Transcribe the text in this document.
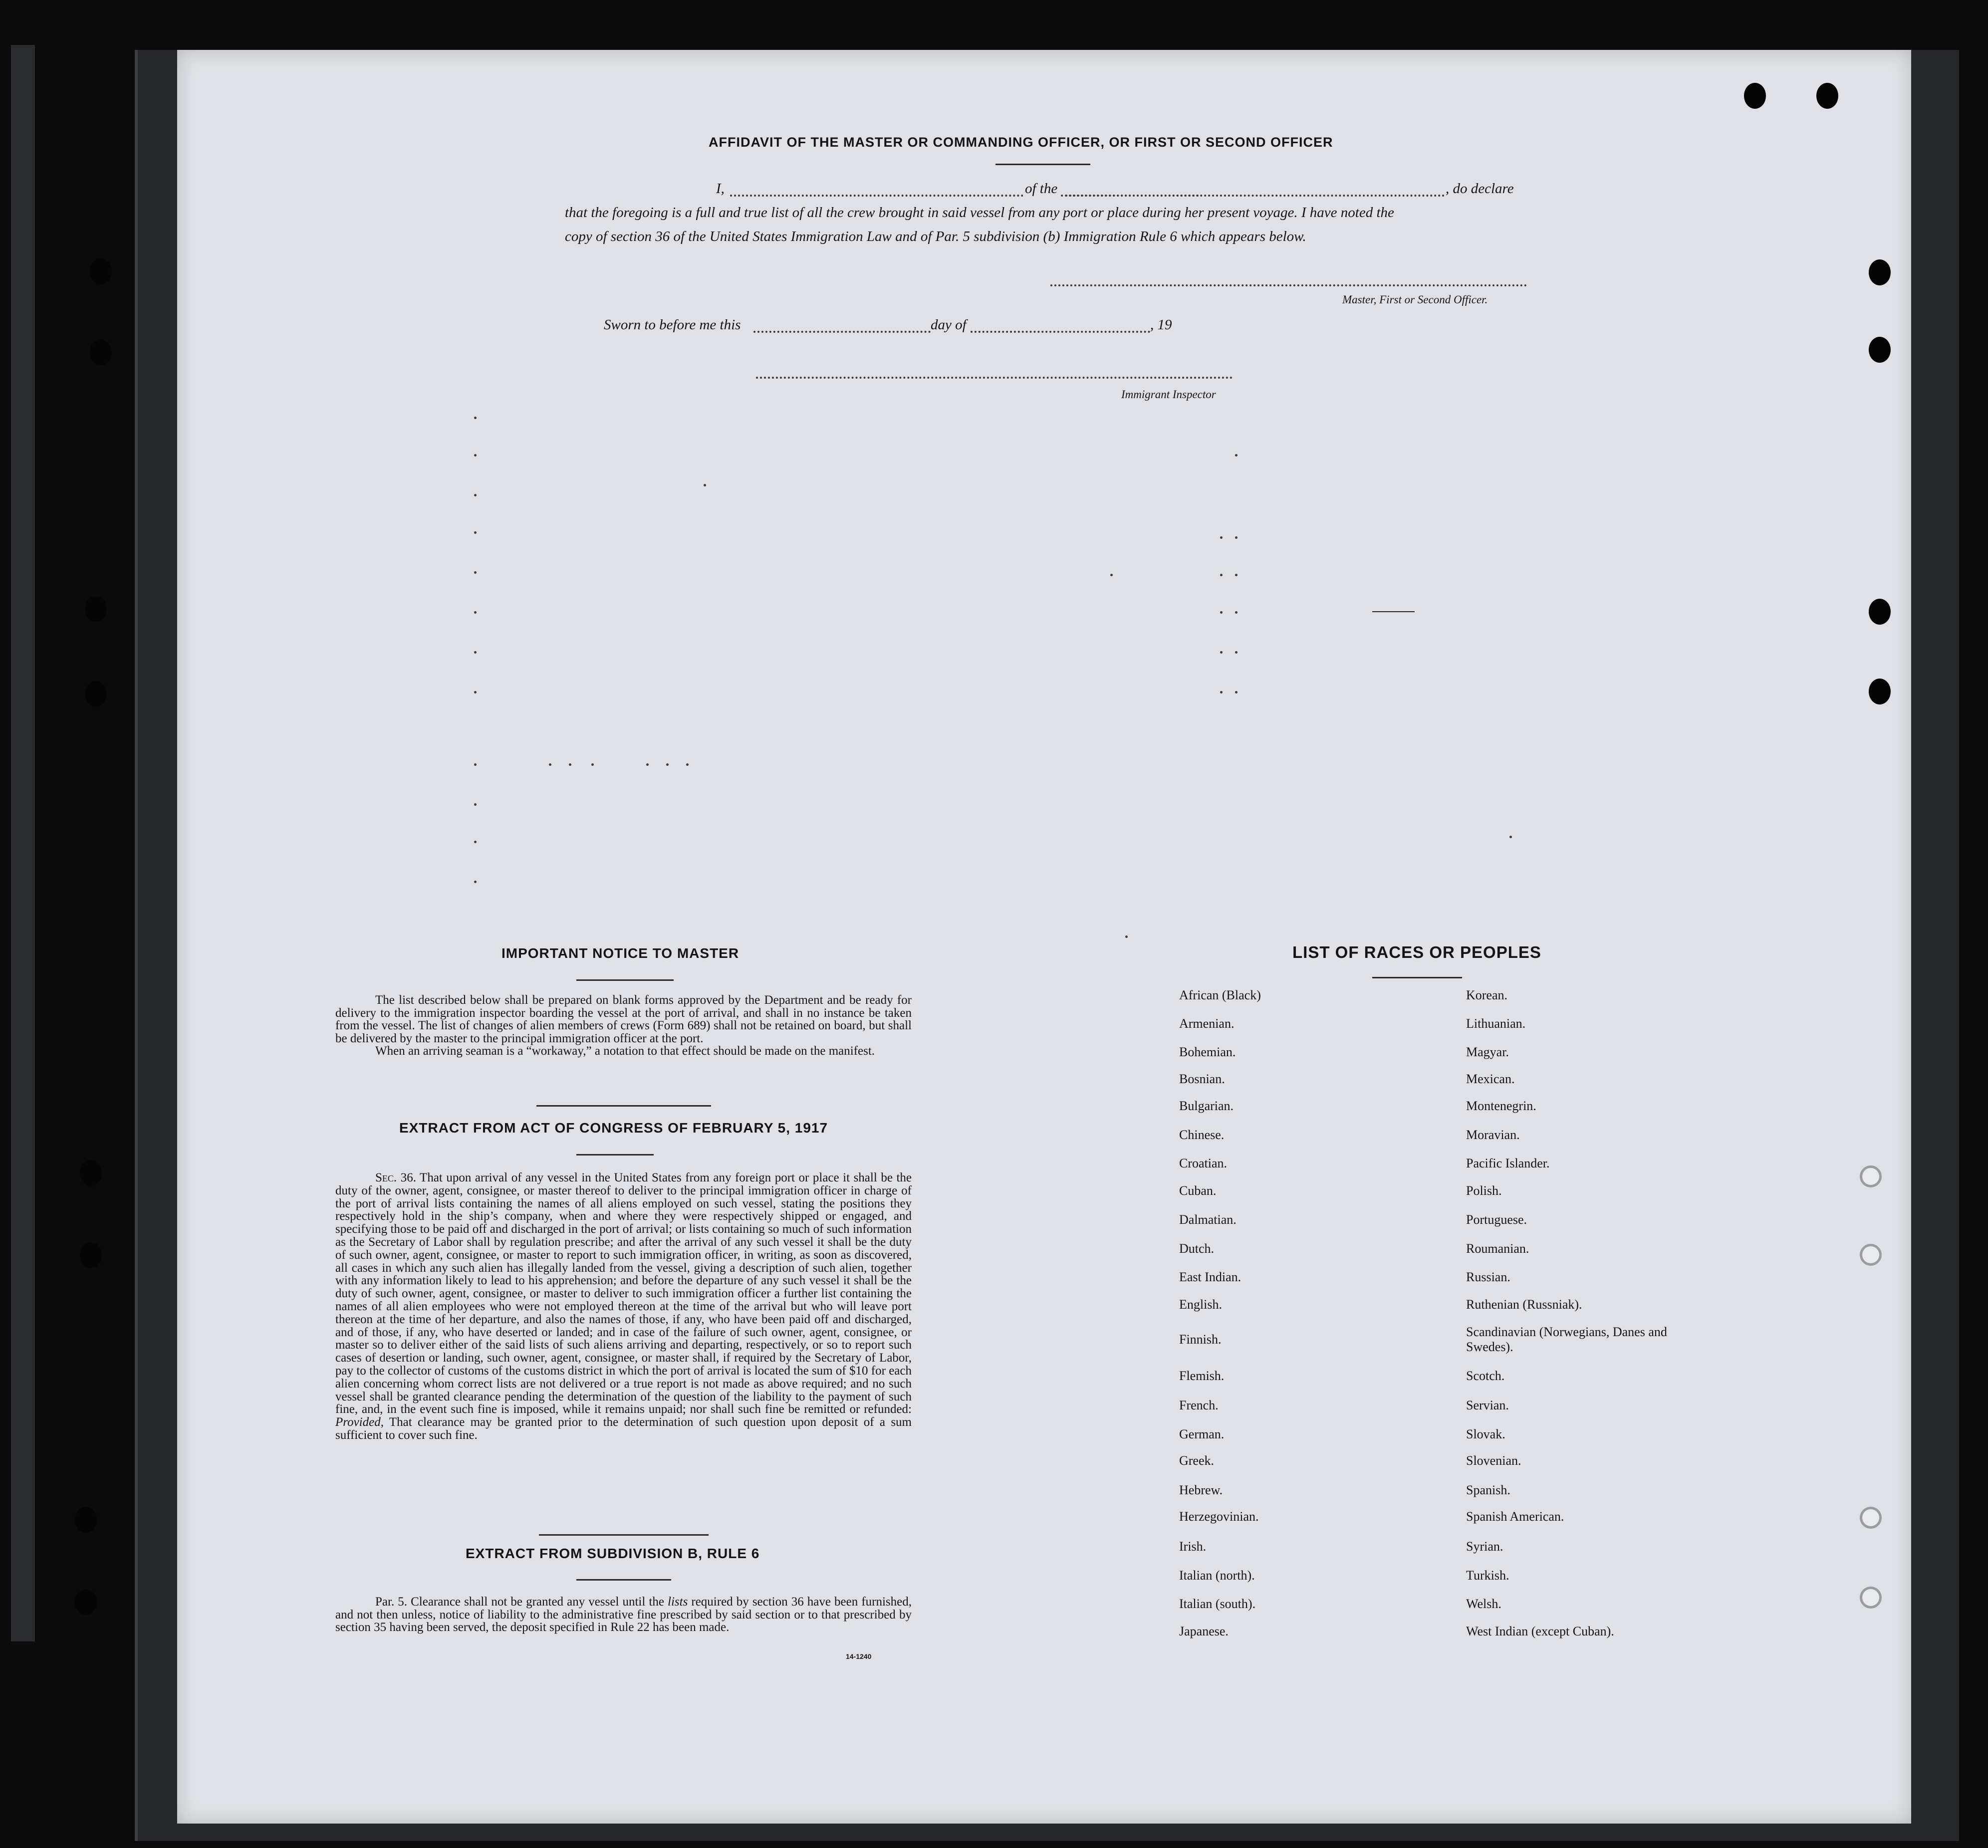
AFFIDAVIT OF THE MASTER OR COMMANDING OFFICER, OR FIRST OR SECOND OFFICER
I,	of the	, do declare
that the foregoing is a full and true list of all the crew brought in said vessel from any port or place during her present voyage. I have noted the
copy of section 36 of the United States Immigration Law and of Par. 5 subdivision (b) Immigration Rule 6 which appears below.
Master, First or Second Officer.
Sworn to before me this	day of	, 19
Immigrant Inspector
IMPORTANT NOTICE TO MASTER
The list described below shall be prepared on blank forms approved by the Department and be ready for delivery to the immigration inspector boarding the vessel at the port of arrival, and shall in no instance be taken from the vessel. The list of changes of alien members of crews (Form 689) shall not be retained on board, but shall be delivered by the master to the principal immigration officer at the port.
When an arriving seaman is a “workaway,” a notation to that effect should be made on the manifest.
EXTRACT FROM ACT OF CONGRESS OF FEBRUARY 5, 1917
Sec. 36. That upon arrival of any vessel in the United States from any foreign port or place it shall be the duty of the owner, agent, consignee, or master thereof to deliver to the principal immigration officer in charge of the port of arrival lists containing the names of all aliens employed on such vessel, stating the positions they respectively hold in the ship’s company, when and where they were respectively shipped or engaged, and specifying those to be paid off and discharged in the port of arrival; or lists containing so much of such information as the Secretary of Labor shall by regulation prescribe; and after the arrival of any such vessel it shall be the duty of such owner, agent, consignee, or master to report to such immigration officer, in writing, as soon as discovered, all cases in which any such alien has illegally landed from the vessel, giving a description of such alien, together with any information likely to lead to his apprehension; and before the departure of any such vessel it shall be the duty of such owner, agent, consignee, or master to deliver to such immigration officer a further list containing the names of all alien employees who were not employed thereon at the time of the arrival but who will leave port thereon at the time of her departure, and also the names of those, if any, who have been paid off and discharged, and of those, if any, who have deserted or landed; and in case of the failure of such owner, agent, consignee, or master so to deliver either of the said lists of such aliens arriving and departing, respectively, or so to report such cases of desertion or landing, such owner, agent, consignee, or master shall, if required by the Secretary of Labor, pay to the collector of customs of the customs district in which the port of arrival is located the sum of $10 for each alien concerning whom correct lists are not delivered or a true report is not made as above required; and no such vessel shall be granted clearance pending the determination of the question of the liability to the payment of such fine, and, in the event such fine is imposed, while it remains unpaid; nor shall such fine be remitted or refunded: Provided, That clearance may be granted prior to the determination of such question upon deposit of a sum sufficient to cover such fine.
EXTRACT FROM SUBDIVISION B, RULE 6
Par. 5. Clearance shall not be granted any vessel until the lists required by section 36 have been furnished, and not then unless, notice of liability to the administrative fine prescribed by said section or to that prescribed by section 35 having been served, the deposit specified in Rule 22 has been made.
14-1240
LIST OF RACES OR PEOPLES
African (Black)
Armenian.
Bohemian.
Bosnian.
Bulgarian.
Chinese.
Croatian.
Cuban.
Dalmatian.
Dutch.
East Indian.
English.
Finnish.
Flemish.
French.
German.
Greek.
Hebrew.
Herzegovinian.
Irish.
Italian (north).
Italian (south).
Japanese.
Korean.
Lithuanian.
Magyar.
Mexican.
Montenegrin.
Moravian.
Pacific Islander.
Polish.
Portuguese.
Roumanian.
Russian.
Ruthenian (Russniak).
Scandinavian (Norwegians, Danes and Swedes).
Scotch.
Servian.
Slovak.
Slovenian.
Spanish.
Spanish American.
Syrian.
Turkish.
Welsh.
West Indian (except Cuban).
